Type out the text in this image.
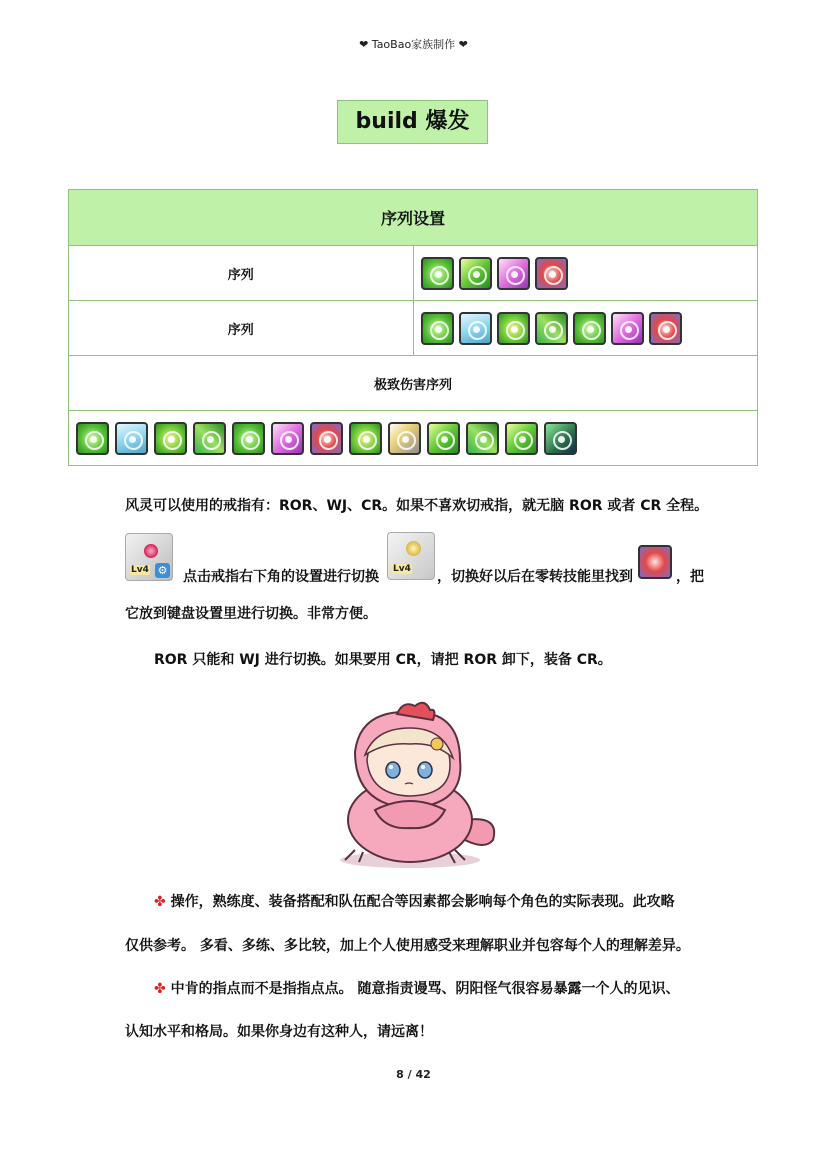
❤ TaoBao家族制作 ❤
build 爆发
序列设置	
序列	

序列	

极致伤害序列	

风灵可以使用的戒指有：ROR、WJ、CR。如果不喜欢切戒指，就无脑 ROR 或者 CR 全程。
Lv4 ⚙ 点击戒指右下角的设置进行切换 Lv4 ，切换好以后在零转技能里找到	，把
它放到键盘设置里进行切换。非常方便。
ROR 只能和 WJ 进行切换。如果要用 CR，请把 ROR 卸下，装备 CR。
✤ 操作，熟练度、装备搭配和队伍配合等因素都会影响每个角色的实际表现。此攻略
仅供参考。 多看、多练、多比较，加上个人使用感受来理解职业并包容每个人的理解差异。
✤ 中肯的指点而不是指指点点。 随意指责谩骂、阴阳怪气很容易暴露一个人的见识、
认知水平和格局。如果你身边有这种人，请远离！
8 / 42
